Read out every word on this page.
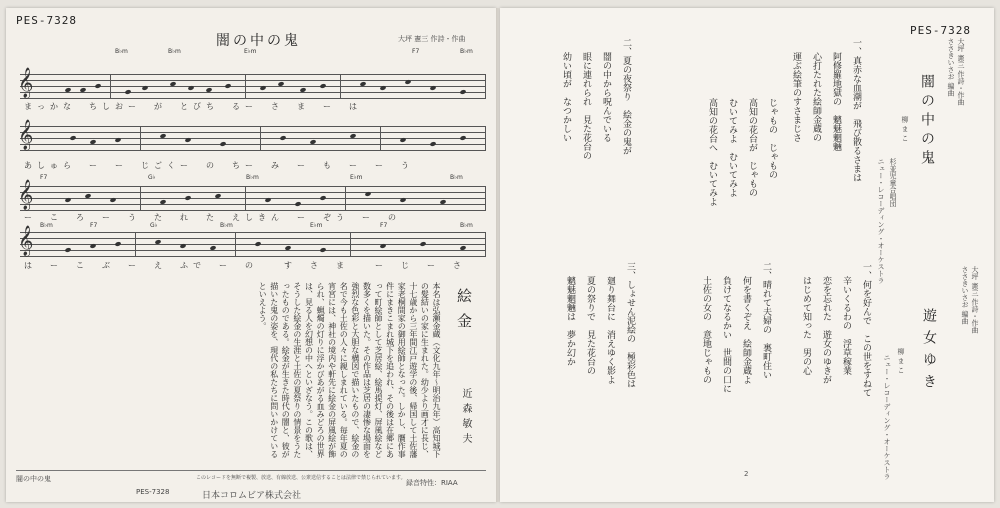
PES-7328
闇の中の鬼	大坪 憲三 作詩・作曲
B♭m	B♭m	E♭m	F7	B♭m
𝄞
まっかな　ちしおー　が　とびち　るー　さ　ま　ー　は
𝄞
あしゅら　ー　ー　じごくー　の　ちー　み　ー　も　ー　ー　う
F7	G♭	B♭m	E♭m	B♭m
𝄞
ー　こ　ろ　ー　う　た　れ　た　えしきん　ー　ぞう　ー　の
B♭m	F7	G♭	B♭m	E♭m	F7	B♭m
𝄞
は　ー　こ　ぶ　ー　え　ふで　ー　の　　す　さ　ま　　ー　じ　ー　さ
絵金
近森敏夫
本名は弘瀬金蔵（文化九年〜明治九年）高知城下の髪結いの家に生まれた。幼少より画才に長じ、十七歳から三年間江戸遊学の後、帰国して土佐藩家老桐間家の御用絵師となった。しかし、贋作事件にまきこまれ城下を追われ、その後は在郷にあって町絵師として芝居絵、絵馬提灯、屏風絵など数多くを描いた。その作品は芝居の凄惨な場面を強烈な色彩と大胆な構図で描いたもので、絵金の名で今も土佐の人々に親しまれている。毎年夏の宵宮には、神社の境内や軒先に絵金の屏風絵が飾られ、蝋燭の灯りに浮かびあがる血みどろの世界は、見る人を幻想の中へといざなう。この歌は、そうした絵金の生涯と土佐の夏祭りの情景をうたったものである。絵金が生きた時代の闇と、彼が描いた鬼の姿を、現代の私たちに問いかけているといえよう。
闇の中の鬼	このレコードを無断で複製、放送、有線放送、公衆送信することは法律で禁じられています。
録音特性：RIAA
PES-7328	日本コロムビア株式会社
PES-7328
大坪 憲三 作詩・作曲
ささきいさお 編曲
闇の中の鬼
柳 ま こ
杉並児童合唱団
ニュー・レコーディング・オーケストラ
一、真赤な血潮が　飛び散るさまは
阿修羅地獄の　魑魅魍魎
心打たれた絵師金蔵の
運ぶ絵筆のすさまじさ
じゃもの　じゃもの
高知の花台が　じゃもの
むいてみよ　むいてみよ
高知の花台へ　むいてみよ
二、夏の夜祭り　絵金の鬼が
闇の中から呪んでいる
眼に連れられ　見た花台の
幼い頃が　なつかしい
大坪 憲三 作詩・作曲
ささきいさお 編曲
遊女ゆき
柳 ま こ
ニュー・レコーディング・オーケストラ
一、何を好んで　この世をすねて
辛いくるわの　浮草稼業
恋を忘れた　遊女のゆきが
はじめて知った　男の心
二、晴れて夫婦の　裏町住い
何を書くぞえ　絵師金蔵よ
負けてなるかい　世間の口に
土佐の女の　意地じゃもの
三、しょせん泥絵の　極彩色は
廻り舞台に　消えゆく影よ
夏の祭りで　見た花台の
魑魅魍魎は　夢か幻か
2
